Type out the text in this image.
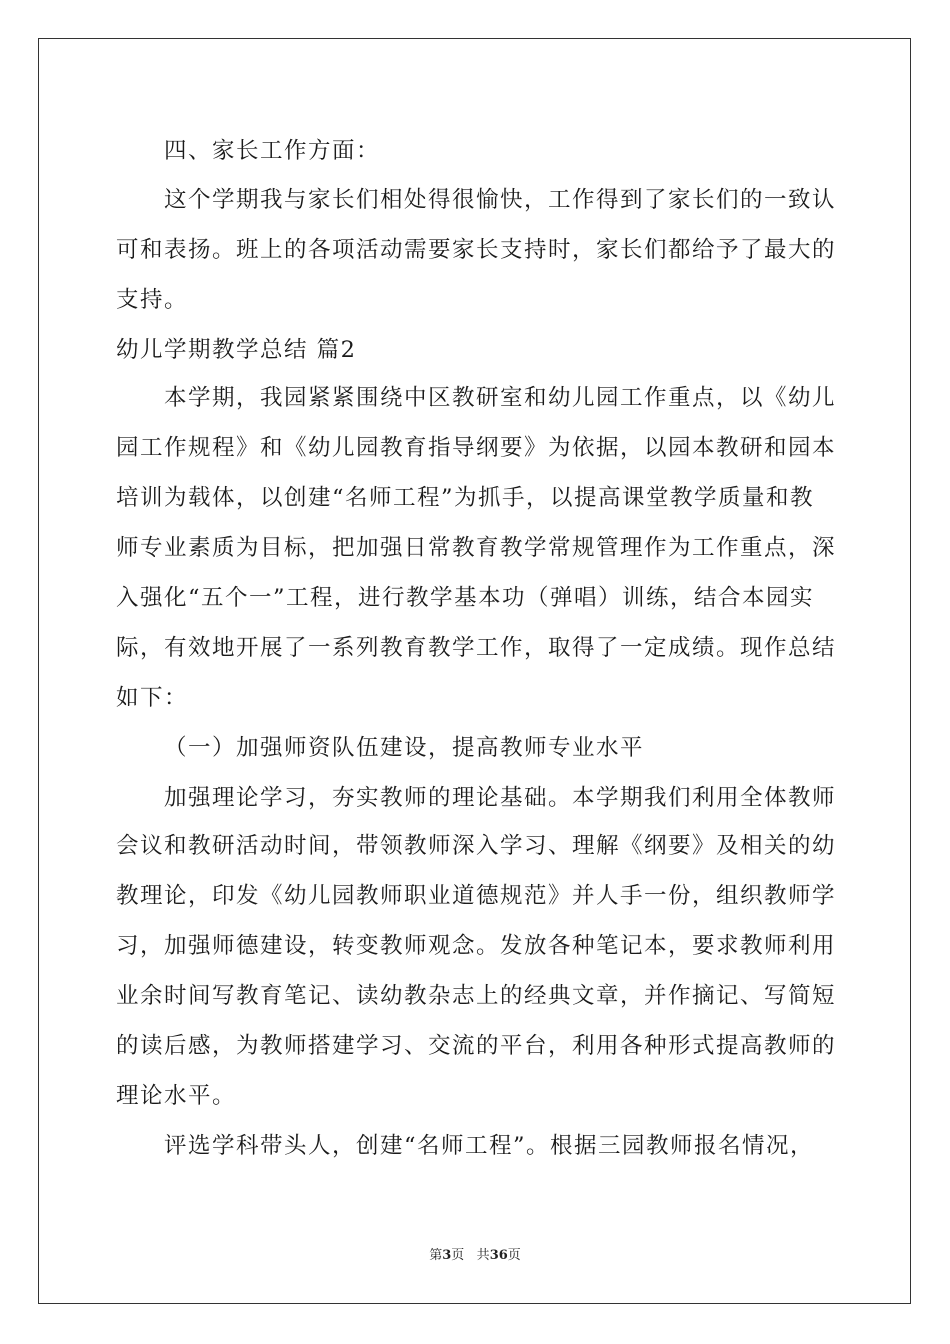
四、家长工作方面：
这个学期我与家长们相处得很愉快，工作得到了家长们的一致认
可和表扬。班上的各项活动需要家长支持时，家长们都给予了最大的
支持。
幼儿学期教学总结 篇2
本学期，我园紧紧围绕中区教研室和幼儿园工作重点，以《幼儿
园工作规程》和《幼儿园教育指导纲要》为依据，以园本教研和园本
培训为载体，以创建“名师工程”为抓手，以提高课堂教学质量和教
师专业素质为目标，把加强日常教育教学常规管理作为工作重点，深
入强化“五个一”工程，进行教学基本功（弹唱）训练，结合本园实
际，有效地开展了一系列教育教学工作，取得了一定成绩。现作总结
如下：
（一）加强师资队伍建设，提高教师专业水平
加强理论学习，夯实教师的理论基础。本学期我们利用全体教师
会议和教研活动时间，带领教师深入学习、理解《纲要》及相关的幼
教理论，印发《幼儿园教师职业道德规范》并人手一份，组织教师学
习，加强师德建设，转变教师观念。发放各种笔记本，要求教师利用
业余时间写教育笔记、读幼教杂志上的经典文章，并作摘记、写简短
的读后感，为教师搭建学习、交流的平台，利用各种形式提高教师的
理论水平。
评选学科带头人，创建“名师工程”。根据三园教师报名情况，
第3页 共36页
